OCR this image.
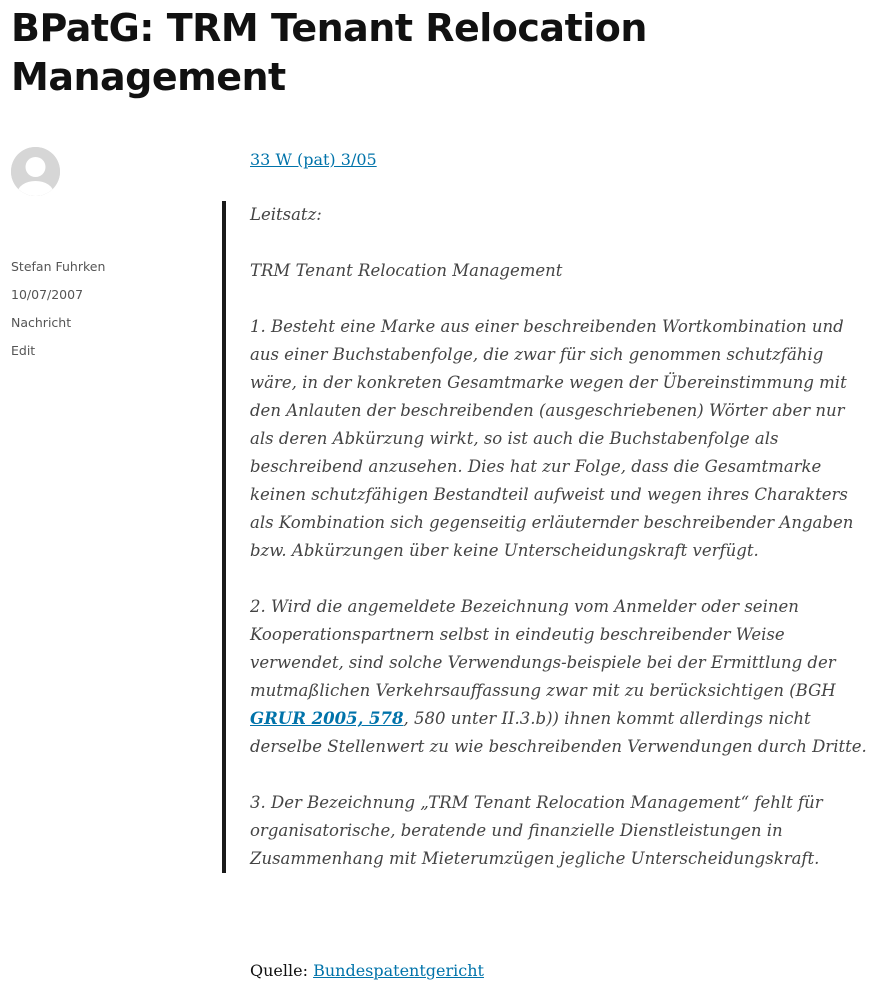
BPatG: TRM Tenant Relocation Management
Stefan Fuhrken
10/07/2007
Nachricht
Edit
33 W (pat) 3/05

Leitsatz:

TRM Tenant Relocation Management

1. Besteht eine Marke aus einer beschreibenden Wortkombination und aus einer Buchstabenfolge, die zwar für sich genommen schutzfähig wäre, in der konkreten Gesamtmarke wegen der Übereinstimmung mit den Anlauten der beschreibenden (ausgeschriebenen) Wörter aber nur als deren Abkürzung wirkt, so ist auch die Buchstabenfolge als beschreibend anzusehen. Dies hat zur Folge, dass die Gesamtmarke keinen schutzfähigen Bestandteil aufweist und wegen ihres Charakters als Kombination sich gegenseitig erläuternder beschreibender Angaben bzw. Abkürzungen über keine Unterscheidungskraft verfügt.

2. Wird die angemeldete Bezeichnung vom Anmelder oder seinen Kooperationspartnern selbst in eindeutig beschreibender Weise verwendet, sind solche Verwendungs-beispiele bei der Ermittlung der mutmaßlichen Verkehrsauffassung zwar mit zu berücksichtigen (BGH GRUR 2005, 578, 580 unter II.3.b)) ihnen kommt allerdings nicht derselbe Stellenwert zu wie beschreibenden Verwendungen durch Dritte.

3. Der Bezeichnung „TRM Tenant Relocation Management“ fehlt für organisatorische, beratende und finanzielle Dienstleistungen in Zusammenhang mit Mieterumzügen jegliche Unterscheidungskraft.

Quelle: Bundespatentgericht
